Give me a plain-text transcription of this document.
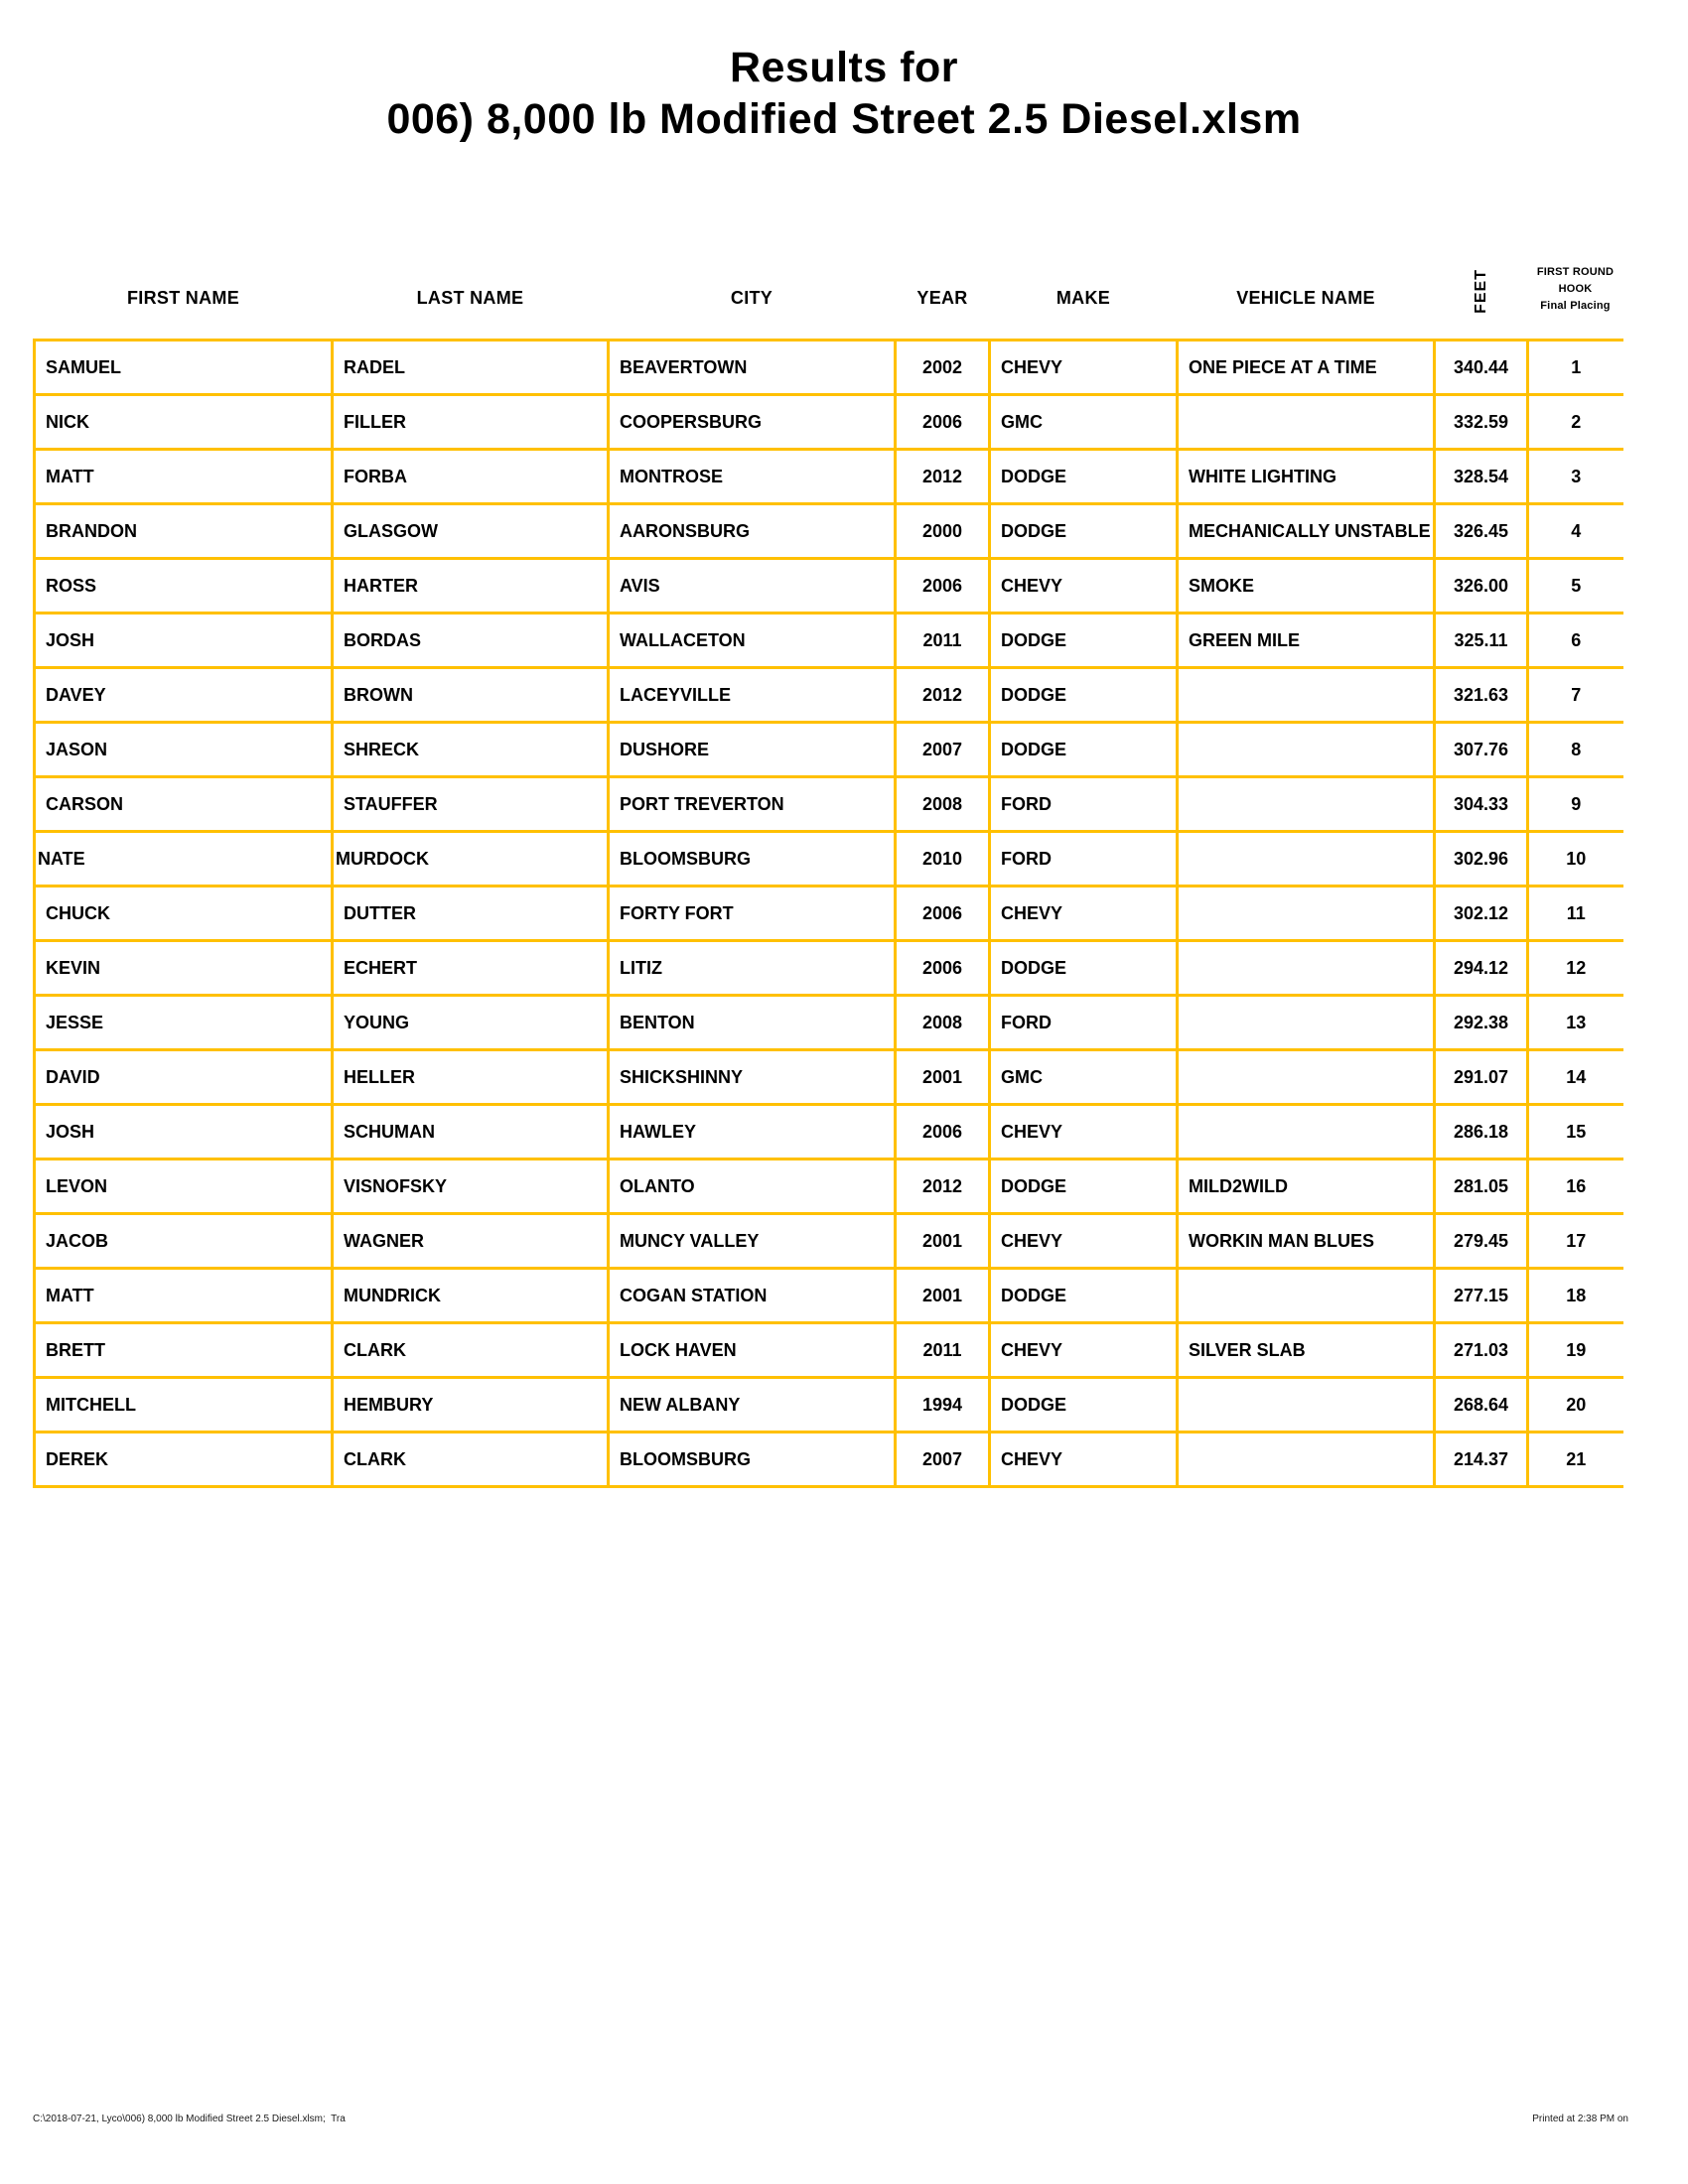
Results for
006) 8,000 lb Modified Street 2.5 Diesel.xlsm
FIRST NAME	LAST NAME	CITY	YEAR	MAKE	VEHICLE NAME	FEET	FIRST ROUND
HOOK
Final Placing

SAMUEL	RADEL	BEAVERTOWN	2002	CHEVY	ONE PIECE AT A TIME	340.44	1
NICK	FILLER	COOPERSBURG	2006	GMC		332.59	2
MATT	FORBA	MONTROSE	2012	DODGE	WHITE LIGHTING	328.54	3
BRANDON	GLASGOW	AARONSBURG	2000	DODGE	MECHANICALLY UNSTABLE	326.45	4
ROSS	HARTER	AVIS	2006	CHEVY	SMOKE	326.00	5
JOSH	BORDAS	WALLACETON	2011	DODGE	GREEN MILE	325.11	6
DAVEY	BROWN	LACEYVILLE	2012	DODGE		321.63	7
JASON	SHRECK	DUSHORE	2007	DODGE		307.76	8
CARSON	STAUFFER	PORT TREVERTON	2008	FORD		304.33	9
NATE	MURDOCK	BLOOMSBURG	2010	FORD		302.96	10
CHUCK	DUTTER	FORTY FORT	2006	CHEVY		302.12	11
KEVIN	ECHERT	LITIZ	2006	DODGE		294.12	12
JESSE	YOUNG	BENTON	2008	FORD		292.38	13
DAVID	HELLER	SHICKSHINNY	2001	GMC		291.07	14
JOSH	SCHUMAN	HAWLEY	2006	CHEVY		286.18	15
LEVON	VISNOFSKY	OLANTO	2012	DODGE	MILD2WILD	281.05	16
JACOB	WAGNER	MUNCY VALLEY	2001	CHEVY	WORKIN MAN BLUES	279.45	17
MATT	MUNDRICK	COGAN STATION	2001	DODGE		277.15	18
BRETT	CLARK	LOCK HAVEN	2011	CHEVY	SILVER SLAB	271.03	19
MITCHELL	HEMBURY	NEW ALBANY	1994	DODGE		268.64	20
DEREK	CLARK	BLOOMSBURG	2007	CHEVY		214.37	21
C:\2018-07-21, Lyco\006) 8,000 lb Modified Street 2.5 Diesel.xlsm;  Tra	Printed at 2:38 PM on
